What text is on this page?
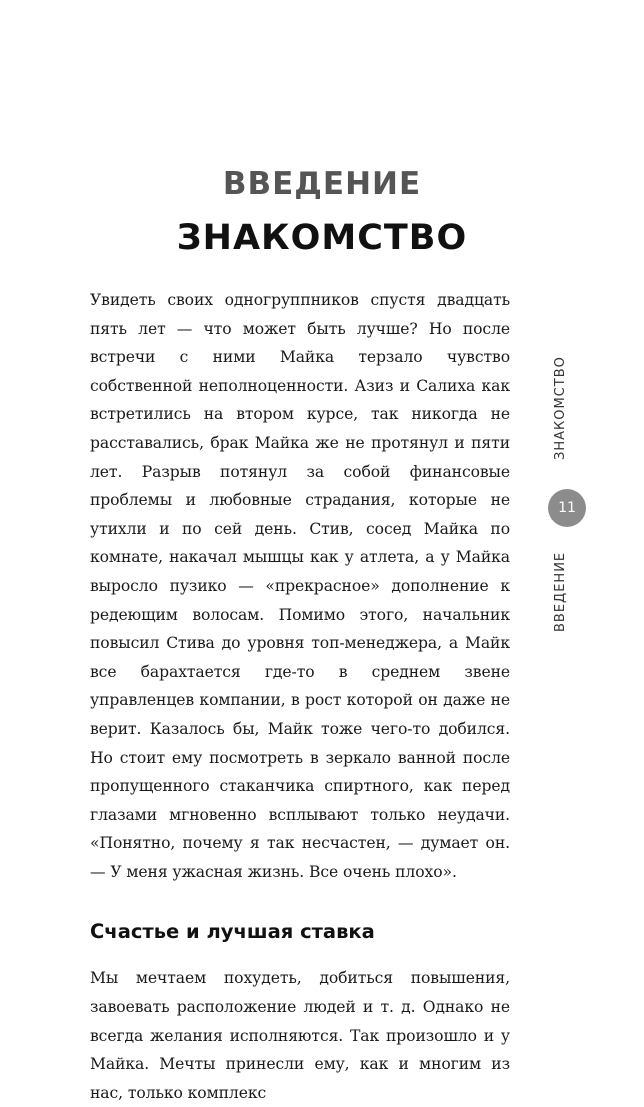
ВВЕДЕНИЕ
ЗНАКОМСТВО

Увидеть своих одногруппников спустя двадцать пять лет — что может быть лучше? Но после встречи с ними Майка терзало чувство собственной неполноценности. Азиз и Салиха как встретились на втором курсе, так никогда не расставались, брак Майка же не протянул и пяти лет. Разрыв потянул за собой финансовые проблемы и любовные страдания, которые не утихли и по сей день. Стив, сосед Майка по комнате, накачал мышцы как у атлета, а у Майка выросло пузико — «прекрасное» дополнение к редеющим волосам. Помимо этого, начальник повысил Стива до уровня топ-менеджера, а Майк все барахтается где-то в среднем звене управленцев компании, в рост которой он даже не верит. Казалось бы, Майк тоже чего-то добился. Но стоит ему посмотреть в зеркало ванной после пропущенного стаканчика спиртного, как перед глазами мгновенно всплывают только неудачи. «Понятно, почему я так несчастен, — думает он. — У меня ужасная жизнь. Все очень плохо».

Счастье и лучшая ставка

Мы мечтаем похудеть, добиться повышения, завоевать расположение людей и т. д. Однако не всегда желания исполняются. Так произошло и у Майка. Мечты принесли ему, как и многим из нас, только комплекс

ЗНАКОМСТВО
11
ВВЕДЕНИЕ
